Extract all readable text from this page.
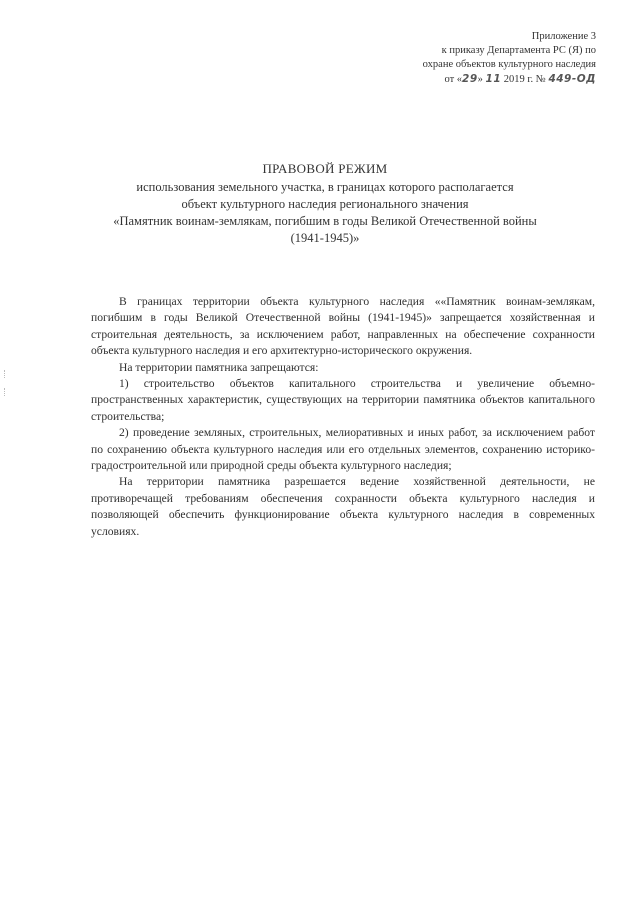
Приложение 3
к приказу Департамента РС (Я) по
охране объектов культурного наследия
от «29» 11 2019 г. № 449-ОД
ПРАВОВОЙ РЕЖИМ
использования земельного участка, в границах которого располагается
объект культурного наследия регионального значения
«Памятник воинам-землякам, погибшим в годы Великой Отечественной войны
(1941-1945)»

В границах территории объекта культурного наследия ««Памятник воинам-землякам, погибшим в годы Великой Отечественной войны (1941-1945)» запрещается хозяйственная и строительная деятельность, за исключением работ, направленных на обеспечение сохранности объекта культурного наследия и его архитектурно-исторического окружения.

На территории памятника запрещаются:

1) строительство объектов капитального строительства и увеличение объемно-пространственных характеристик, существующих на территории памятника объектов капитального строительства;

2) проведение земляных, строительных, мелиоративных и иных работ, за исключением работ по сохранению объекта культурного наследия или его отдельных элементов, сохранению историко-градостроительной или природной среды объекта культурного наследия;

На территории памятника разрешается ведение хозяйственной деятельности, не противоречащей требованиям обеспечения сохранности объекта культурного наследия и позволяющей обеспечить функционирование объекта культурного наследия в современных условиях.
